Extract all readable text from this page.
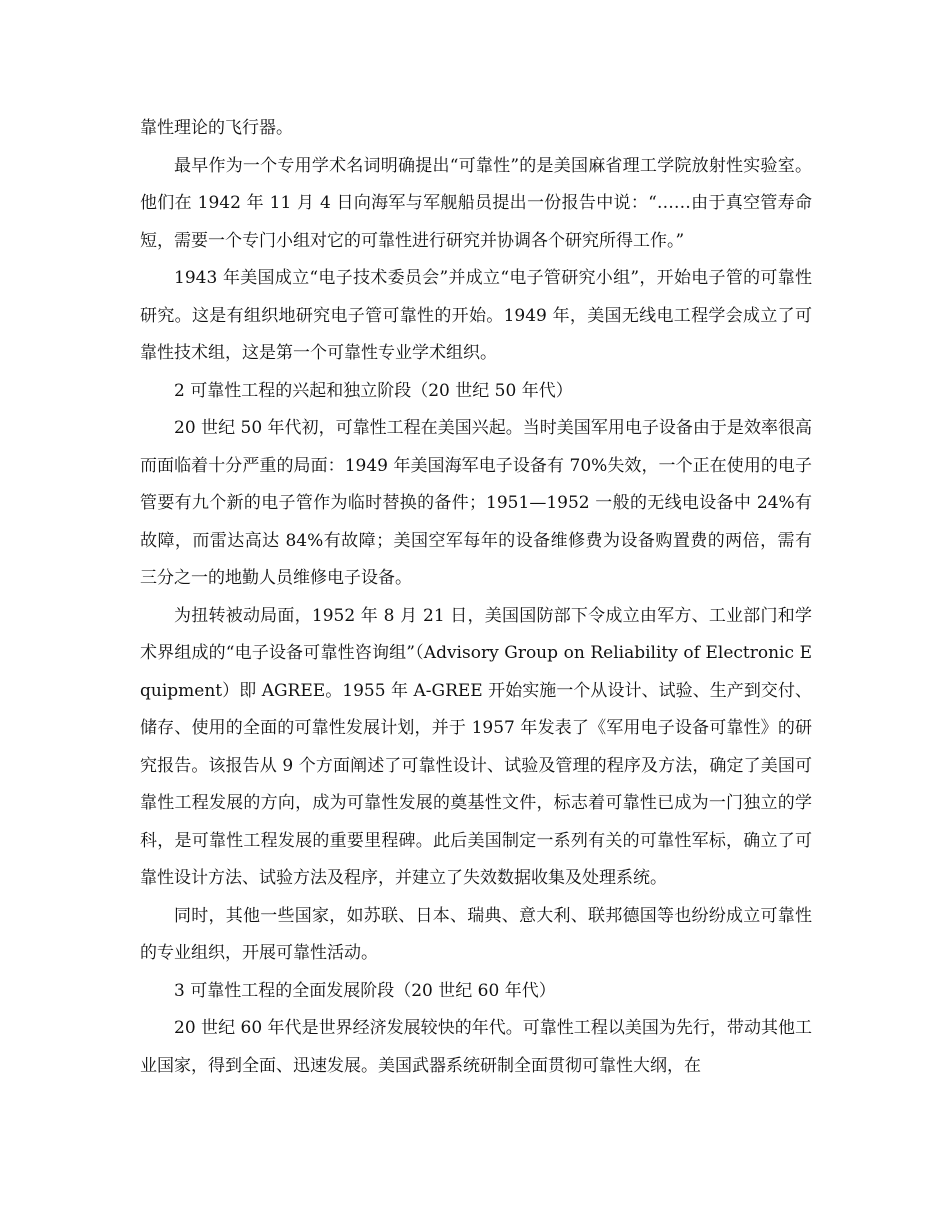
靠性理论的飞行器。

最早作为一个专用学术名词明确提出“可靠性”的是美国麻省理工学院放射性实验室。他们在 1942 年 11 月 4 日向海军与军舰船员提出一份报告中说：“……由于真空管寿命短，需要一个专门小组对它的可靠性进行研究并协调各个研究所得工作。”

1943 年美国成立“电子技术委员会”并成立“电子管研究小组”，开始电子管的可靠性研究。这是有组织地研究电子管可靠性的开始。1949 年，美国无线电工程学会成立了可靠性技术组，这是第一个可靠性专业学术组织。

2 可靠性工程的兴起和独立阶段（20 世纪 50 年代）

20 世纪 50 年代初，可靠性工程在美国兴起。当时美国军用电子设备由于是效率很高而面临着十分严重的局面：1949 年美国海军电子设备有 70%失效，一个正在使用的电子管要有九个新的电子管作为临时替换的备件；1951—1952 一般的无线电设备中 24%有故障，而雷达高达 84%有故障；美国空军每年的设备维修费为设备购置费的两倍，需有三分之一的地勤人员维修电子设备。

为扭转被动局面，1952 年 8 月 21 日，美国国防部下令成立由军方、工业部门和学术界组成的“电子设备可靠性咨询组”（Advisory Group on Reliability of Electronic Equipment）即 AGREE。1955 年 A-GREE 开始实施一个从设计、试验、生产到交付、储存、使用的全面的可靠性发展计划，并于 1957 年发表了《军用电子设备可靠性》的研究报告。该报告从 9 个方面阐述了可靠性设计、试验及管理的程序及方法，确定了美国可靠性工程发展的方向，成为可靠性发展的奠基性文件，标志着可靠性已成为一门独立的学科，是可靠性工程发展的重要里程碑。此后美国制定一系列有关的可靠性军标，确立了可靠性设计方法、试验方法及程序，并建立了失效数据收集及处理系统。

同时，其他一些国家，如苏联、日本、瑞典、意大利、联邦德国等也纷纷成立可靠性的专业组织，开展可靠性活动。

3 可靠性工程的全面发展阶段（20 世纪 60 年代）

20 世纪 60 年代是世界经济发展较快的年代。可靠性工程以美国为先行，带动其他工业国家，得到全面、迅速发展。美国武器系统研制全面贯彻可靠性大纲，在
